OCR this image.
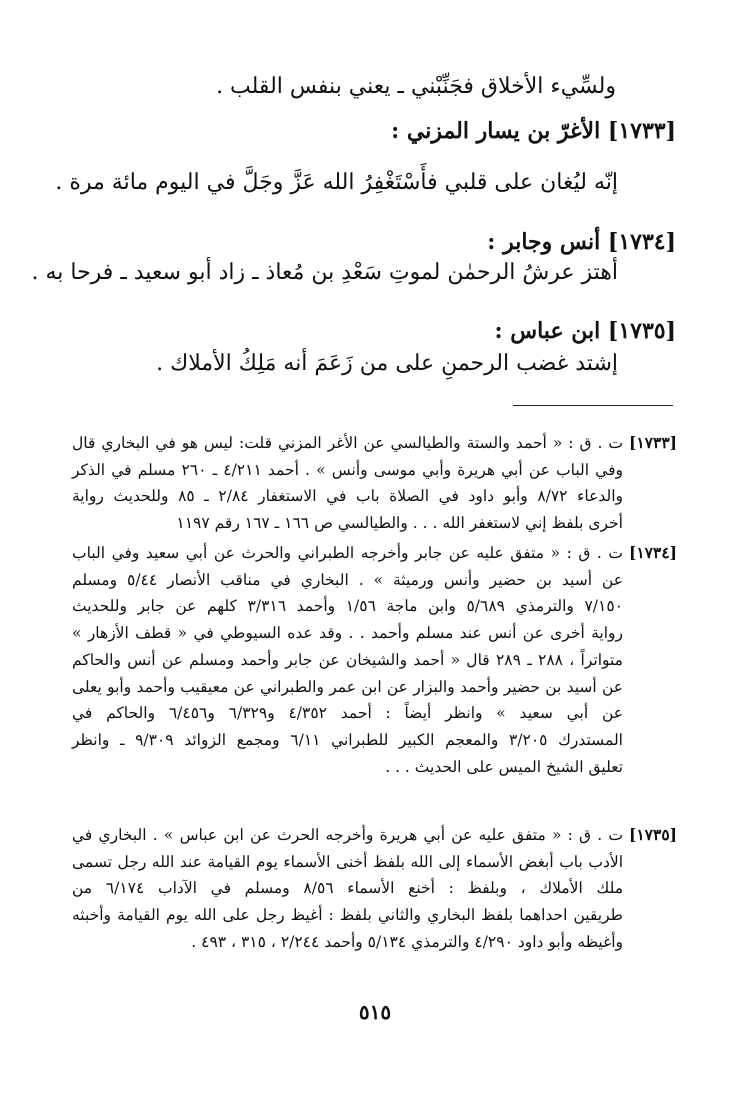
ولسِّيء الأخلاق فجَنِّبْني ـ يعني بنفس القلب .
[١٧٣٣] الأغرّ بن يسار المزني :
إنّه ليُغان على قلبي فأَسْتَغْفِرُ الله عَزَّ وجَلَّ في اليوم مائة مرة .
[١٧٣٤] أنس وجابر :
أهتز عرشُ الرحمٰن لموتِ سَعْدِ بن مُعاذ ـ زاد أبو سعيد ـ فرحا به .
[١٧٣٥] ابن عباس :
إشتد غضب الرحمنِ على من زَعَمَ أنه مَلِكُ الأملاك .
[١٧٣٣]
ت . ق : « أحمد والستة والطيالسي عن الأغر المزني قلت: ليس هو في البخاري قال
وفي الباب عن أبي هريرة وأبي موسى وأنس » . أحمد ٤/٢١١ ـ ٢٦٠ مسلم في الذكر
والدعاء ٨/٧٢ وأبو داود في الصلاة باب في الاستغفار ٢/٨٤ ـ ٨٥ وللحديث رواية
أخرى بلفظ إني لاستغفر الله . . . والطيالسي ص ١٦٦ ـ ١٦٧ رقم ١١٩٧
[١٧٣٤]
ت . ق : « متفق عليه عن جابر وأخرجه الطبراني والحرث عن أبي سعيد وفي الباب
عن أسيد بن حضير وأنس ورميثة » . البخاري في مناقب الأنصار ٥/٤٤ ومسلم
٧/١٥٠ والترمذي ٥/٦٨٩ وابن ماجة ١/٥٦ وأحمد ٣/٣١٦ كلهم عن جابر وللحديث
رواية أخرى عن أنس عند مسلم وأحمد . . وقد عده السيوطي في « قطف الأزهار »
متواتراً ، ٢٨٨ ـ ٢٨٩ قال « أحمد والشيخان عن جابر وأحمد ومسلم عن أنس والحاكم
عن أسيد بن حضير وأحمد والبزار عن ابن عمر والطبراني عن معيقيب وأحمد وأبو يعلى
عن أبي سعيد » وانظر أيضاً : أحمد ٤/٣٥٢ و٦/٣٢٩ و٦/٤٥٦ والحاكم في
المستدرك ٣/٢٠٥ والمعجم الكبير للطبراني ٦/١١ ومجمع الزوائد ٩/٣٠٩ ـ وانظر
تعليق الشيخ الميس على الحديث . . .
[١٧٣٥]
ت . ق : « متفق عليه عن أبي هريرة وأخرجه الحرث عن ابن عباس » . البخاري في
الأدب باب أبغض الأسماء إلى الله بلفظ أخنى الأسماء يوم القيامة عند الله رجل تسمى
ملك الأملاك ، وبلفظ : أخنع الأسماء ٨/٥٦ ومسلم في الآداب ٦/١٧٤ من
طريقين احداهما بلفظ البخاري والثاني بلفظ : أغيظ رجل على الله يوم القيامة وأخبثه
وأغيظه وأبو داود ٤/٢٩٠ والترمذي ٥/١٣٤ وأحمد ٢/٢٤٤ ، ٣١٥ ، ٤٩٣ .
٥١٥
